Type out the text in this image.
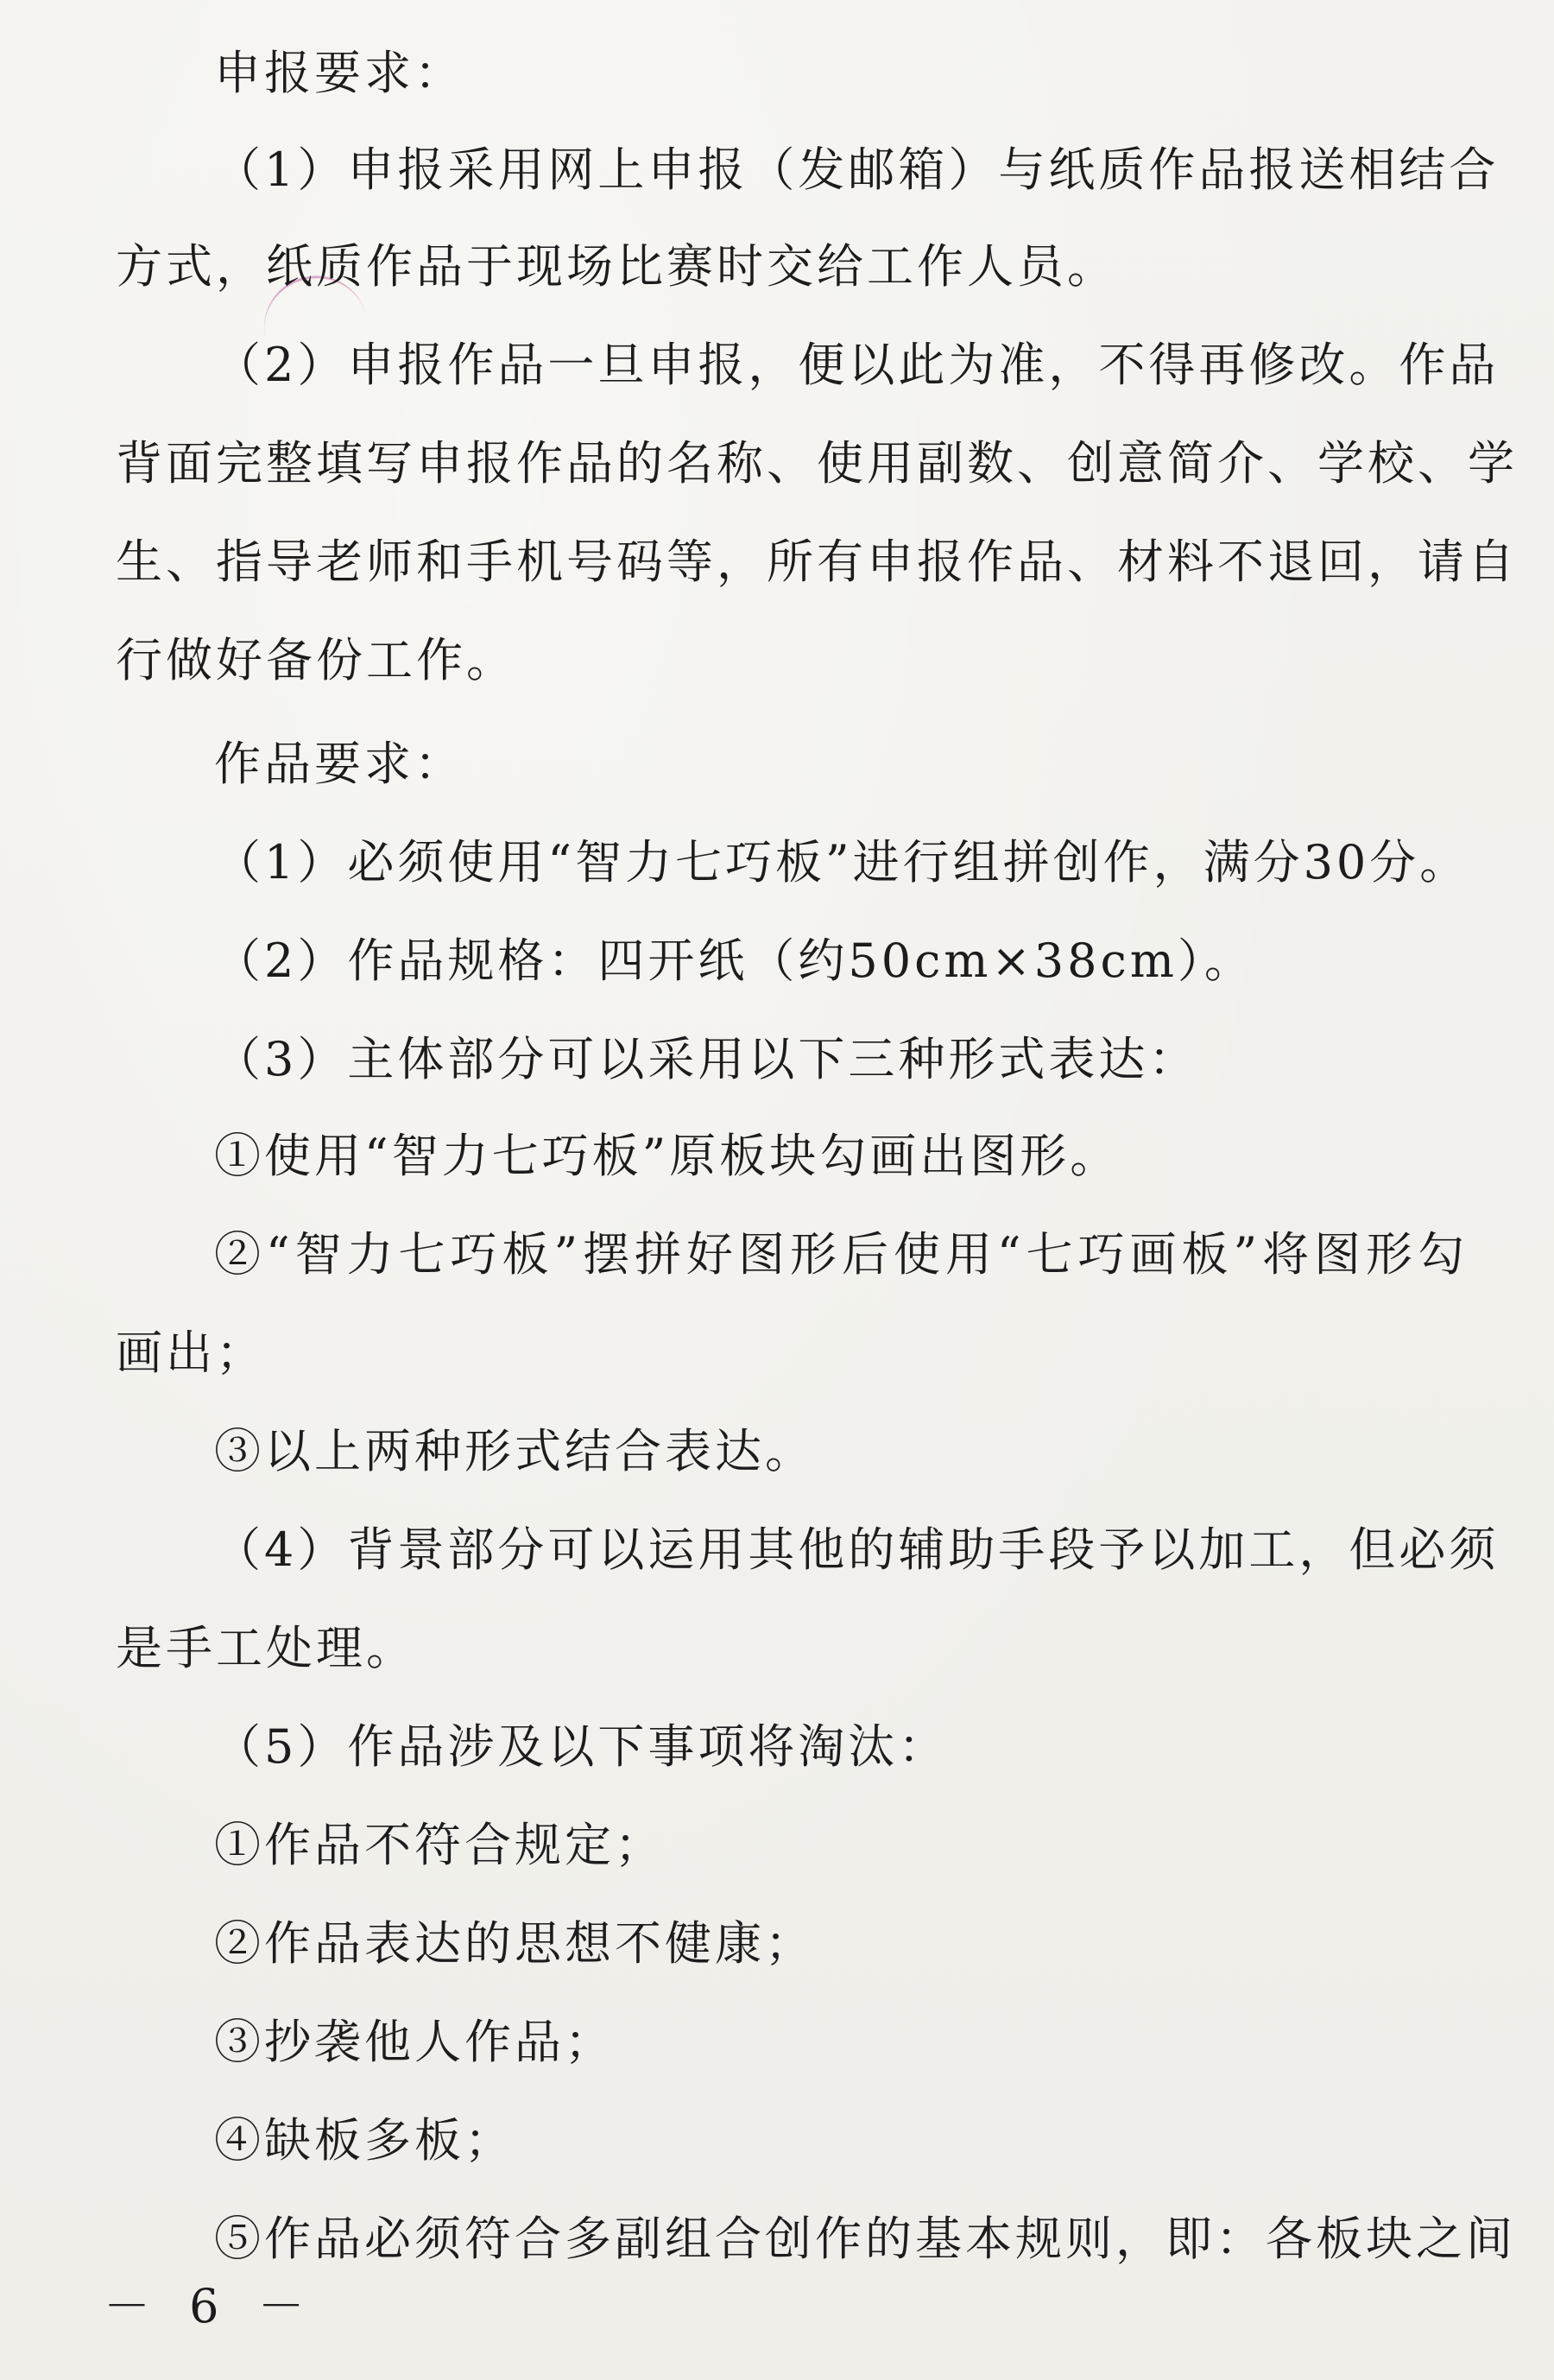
申报要求：
（1）申报采用网上申报（发邮箱）与纸质作品报送相结合
方式，纸质作品于现场比赛时交给工作人员。
（2）申报作品一旦申报，便以此为准，不得再修改。作品
背面完整填写申报作品的名称、使用副数、创意简介、学校、学
生、指导老师和手机号码等，所有申报作品、材料不退回，请自
行做好备份工作。
作品要求：
（1）必须使用“智力七巧板”进行组拼创作，满分30分。
（2）作品规格：四开纸（约50cm×38cm）。
（3）主体部分可以采用以下三种形式表达：
①使用“智力七巧板”原板块勾画出图形。
②“智力七巧板”摆拼好图形后使用“七巧画板”将图形勾
画出；
③以上两种形式结合表达。
（4）背景部分可以运用其他的辅助手段予以加工，但必须
是手工处理。
（5）作品涉及以下事项将淘汰：
①作品不符合规定；
②作品表达的思想不健康；
③抄袭他人作品；
④缺板多板；
⑤作品必须符合多副组合创作的基本规则，即：各板块之间
－ 6 －
